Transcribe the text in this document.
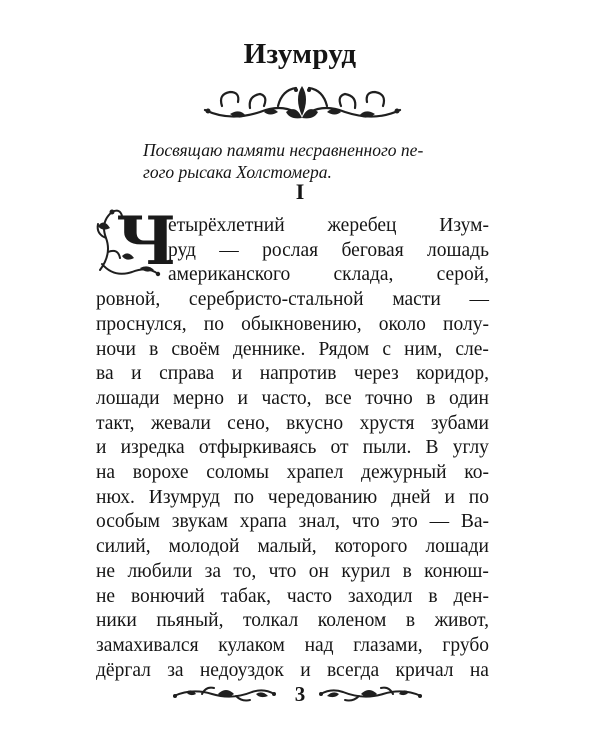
Изумруд
Посвящаю памяти несравненного пе-
гого рысака Холстомера.
I
Ч
етырёхлетний жеребец Изум-
руд — рослая беговая лошадь
американского склада, серой,
ровной, серебристо-стальной масти —
проснулся, по обыкновению, около полу-
ночи в своём деннике. Рядом с ним, сле-
ва и справа и напротив через коридор,
лошади мерно и часто, все точно в один
такт, жевали сено, вкусно хрустя зубами
и изредка отфыркиваясь от пыли. В углу
на ворохе соломы храпел дежурный ко-
нюх. Изумруд по чередованию дней и по
особым звукам храпа знал, что это — Ва-
силий, молодой малый, которого лошади
не любили за то, что он курил в конюш-
не вонючий табак, часто заходил в ден-
ники пьяный, толкал коленом в живот,
замахивался кулаком над глазами, грубо
дёргал за недоуздок и всегда кричал на
3
